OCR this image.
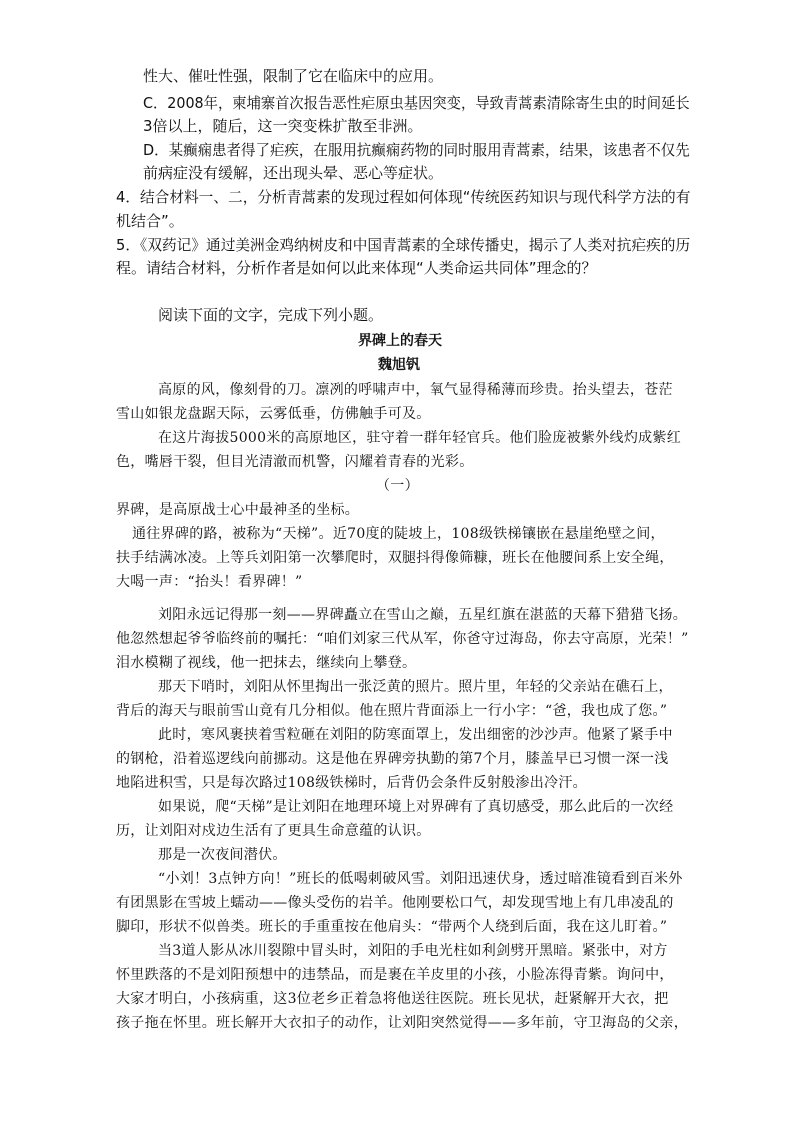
性大、催吐性强，限制了它在临床中的应用。
C．2008年，柬埔寨首次报告恶性疟原虫基因突变，导致青蒿素清除寄生虫的时间延长
3倍以上，随后，这一突变株扩散至非洲。
D．某癫痫患者得了疟疾，在服用抗癫痫药物的同时服用青蒿素，结果，该患者不仅先
前病症没有缓解，还出现头晕、恶心等症状。
4．结合材料一、二，分析青蒿素的发现过程如何体现“传统医药知识与现代科学方法的有
机结合”。
5．《双药记》通过美洲金鸡纳树皮和中国青蒿素的全球传播史，揭示了人类对抗疟疾的历
程。请结合材料，分析作者是如何以此来体现“人类命运共同体”理念的？
阅读下面的文字，完成下列小题。
界碑上的春天
魏旭钒
高原的风，像刻骨的刀。凛冽的呼啸声中，氧气显得稀薄而珍贵。抬头望去，苍茫
雪山如银龙盘踞天际，云雾低垂，仿佛触手可及。
在这片海拔5000米的高原地区，驻守着一群年轻官兵。他们脸庞被紫外线灼成紫红
色，嘴唇干裂，但目光清澈而机警，闪耀着青春的光彩。
（一）
界碑，是高原战士心中最神圣的坐标。
通往界碑的路，被称为“天梯”。近70度的陡坡上，108级铁梯镶嵌在悬崖绝壁之间，
扶手结满冰凌。上等兵刘阳第一次攀爬时，双腿抖得像筛糠，班长在他腰间系上安全绳，
大喝一声：“抬头！看界碑！”
刘阳永远记得那一刻——界碑矗立在雪山之巅，五星红旗在湛蓝的天幕下猎猎飞扬。
他忽然想起爷爷临终前的嘱托：“咱们刘家三代从军，你爸守过海岛，你去守高原，光荣！”
泪水模糊了视线，他一把抹去，继续向上攀登。
那天下哨时，刘阳从怀里掏出一张泛黄的照片。照片里，年轻的父亲站在礁石上，
背后的海天与眼前雪山竟有几分相似。他在照片背面添上一行小字：“爸，我也成了您。”
此时，寒风裹挟着雪粒砸在刘阳的防寒面罩上，发出细密的沙沙声。他紧了紧手中
的钢枪，沿着巡逻线向前挪动。这是他在界碑旁执勤的第7个月，膝盖早已习惯一深一浅
地陷进积雪，只是每次路过108级铁梯时，后背仍会条件反射般渗出冷汗。
如果说，爬“天梯”是让刘阳在地理环境上对界碑有了真切感受，那么此后的一次经
历，让刘阳对戍边生活有了更具生命意蕴的认识。
那是一次夜间潜伏。
“小刘！3点钟方向！”班长的低喝刺破风雪。刘阳迅速伏身，透过暗准镜看到百米外
有团黑影在雪坡上蠕动——像头受伤的岩羊。他刚要松口气，却发现雪地上有几串凌乱的
脚印，形状不似兽类。班长的手重重按在他肩头：“带两个人绕到后面，我在这儿盯着。”
当3道人影从冰川裂隙中冒头时，刘阳的手电光柱如利剑劈开黑暗。紧张中，对方
怀里跌落的不是刘阳预想中的违禁品，而是裹在羊皮里的小孩，小脸冻得青紫。询问中，
大家才明白，小孩病重，这3位老乡正着急将他送往医院。班长见状，赶紧解开大衣，把
孩子拖在怀里。班长解开大衣扣子的动作，让刘阳突然觉得——多年前，守卫海岛的父亲，
